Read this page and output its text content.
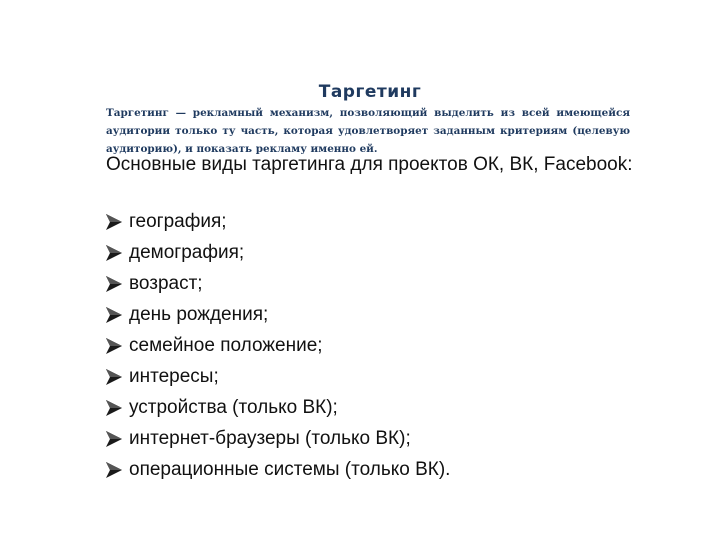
Таргетинг

Таргетинг — рекламный механизм, позволяющий выделить из всей имеющейся аудитории только ту часть, которая удовлетворяет заданным критериям (целевую аудиторию), и показать рекламу именно ей.

Основные виды таргетинга для проектов ОК, ВК, Facebook:

география;
демография;
возраст;
день рождения;
семейное положение;
интересы;
устройства (только ВК);
интернет-браузеры (только ВК);
операционные системы (только ВК).
